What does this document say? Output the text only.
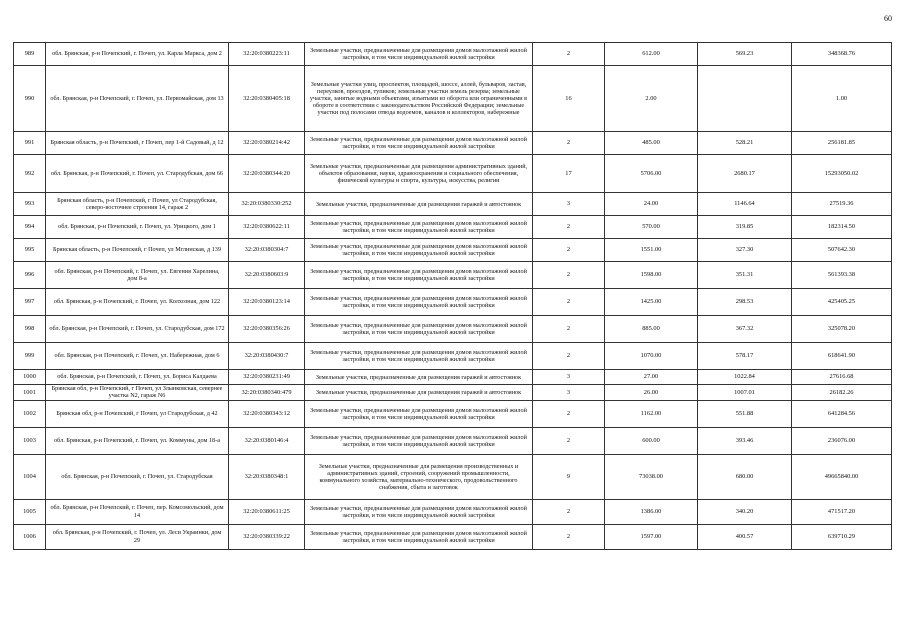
60
989	обл. Брянская, р-н Почепский, г. Почеп, ул. Карла Маркса, дом 2	32:20:0380223:11	Земельные участки, предназначенные для размещения домов малоэтажной жилой застройки, в том числе индивидуальной жилой застройки	2	612.00	569.23	348368.76
990	обл. Брянская, р-н Почепский, г. Почеп, ул. Первомайская, дом 13	32:20:0380405:18	Земельные участки улиц, проспектов, площадей, шоссе, аллей, бульваров, застав, переулков, проездов, тупиков; земельные участки земель резерва; земельные участки, занятые водными объектами, изъятыми из оборота или ограниченными в обороте в соответствии с законодательством Российской Федерации; земельные участки под полосами отвода водоемов, каналов и коллекторов, набережные	16	2.00		1.00
991	Брянская область, р-н Почепский, г Почеп, пер 1-й Садовый, д 12	32:20:0380214:42	Земельные участки, предназначенные для размещения домов малоэтажной жилой застройки, в том числе индивидуальной жилой застройки	2	485.00	528.21	256181.85
992	обл. Брянская, р-н Почепский, г. Почеп, ул. Стародубская, дом 66	32:20:0380344:20	Земельные участки, предназначенные для размещения административных зданий, объектов образования, науки, здравоохранения и социального обеспечения, физической культуры и спорта, культуры, искусства, религии	17	5706.00	2680.17	15293050.02
993	Брянская область, р-н Почепский, г Почеп, ул Стародубская, северо-восточнее строения 14, гараж 2	32:20:0380330:252	Земельные участки, предназначенные для размещения гаражей и автостоянок	3	24.00	1146.64	27519.36
994	обл. Брянская, р-н Почепский, г. Почеп, ул. Урицкого, дом 1	32:20:0380622:11	Земельные участки, предназначенные для размещения домов малоэтажной жилой застройки, в том числе индивидуальной жилой застройки	2	570.00	319.85	182314.50
995	Брянская область, р-н Почепский, г Почеп, ул Мглинская, д 139	32:20:0380304:7	Земельные участки, предназначенные для размещения домов малоэтажной жилой застройки, в том числе индивидуальной жилой застройки	2	1551.00	327.30	507642.30
996	обл. Брянская, р-н Почепский, г. Почеп, ул. Евгения Харелина, дом 8-а	32:20:0380603:9	Земельные участки, предназначенные для размещения домов малоэтажной жилой застройки, в том числе индивидуальной жилой застройки	2	1598.00	351.31	561393.38
997	обл. Брянская, р-н Почепский, г. Почеп, ул. Колхозная, дом 122	32:20:0380123:14	Земельные участки, предназначенные для размещения домов малоэтажной жилой застройки, в том числе индивидуальной жилой застройки	2	1425.00	298.53	425405.25
998	обл. Брянская, р-н Почепский, г. Почеп, ул. Стародубская, дом 172	32:20:0380356:26	Земельные участки, предназначенные для размещения домов малоэтажной жилой застройки, в том числе индивидуальной жилой застройки	2	885.00	367.32	325078.20
999	обл. Брянская, р-н Почепский, г. Почеп, ул. Набережная, дом 6	32:20:0380430:7	Земельные участки, предназначенные для размещения домов малоэтажной жилой застройки, в том числе индивидуальной жилой застройки	2	1070.00	578.17	618641.90
1000	обл. Брянская, р-н Почепский, г. Почеп, ул. Бориса Калдаева	32:20:0380231:49	Земельные участки, предназначенные для размещения гаражей и автостоянок	3	27.00	1022.84	27616.68
1001	Брянская обл, р-н Почепский, г Почеп, ул Злынковская, северн​ее участка N2, гараж N6	32:20:0380340:479	Земельные участки, предназначенные для размещения гаражей и автостоянок	3	26.00	1007.01	26182.26
1002	Брянская обл, р-н Почепский, г Почеп, ул Стародубская, д 42	32:20:0380343:12	Земельные участки, предназначенные для размещения домов малоэтажной жилой застройки, в том числе индивидуальной жилой застройки	2	1162.00	551.88	641284.56
1003	обл. Брянская, р-н Почепский, г. Почеп, ул. Коммуны, дом 18-а	32:20:0380146:4	Земельные участки, предназначенные для размещения домов малоэтажной жилой застройки, в том числе индивидуальной жилой застройки	2	600.00	393.46	236076.00
1004	обл. Брянская, р-н Почепский, г. Почеп, ул. Стародубская	32:20:0380348:1	Земельные участки, предназначенные для размещения производственных и административных зданий, строений, сооружений промышленности, коммунального хозяйства, материально-технического, продовольственного снабжения, сбыта и заготовок	9	73038.00	680.00	49665840.00
1005	обл. Брянская, р-н Почепский, г. Почеп, пер. Комсомольский, дом 14	32:20:0380611:25	Земельные участки, предназначенные для размещения домов малоэтажной жилой застройки, в том числе индивидуальной жилой застройки	2	1386.00	340.20	471517.20
1006	обл. Брянская, р-н Почепский, г. Почеп, ул. Леси Украинки, дом 29	32:20:0380339:22	Земельные участки, предназначенные для размещения домов малоэтажной жилой застройки, в том числе индивидуальной жилой застройки	2	1597.00	400.57	639710.29
